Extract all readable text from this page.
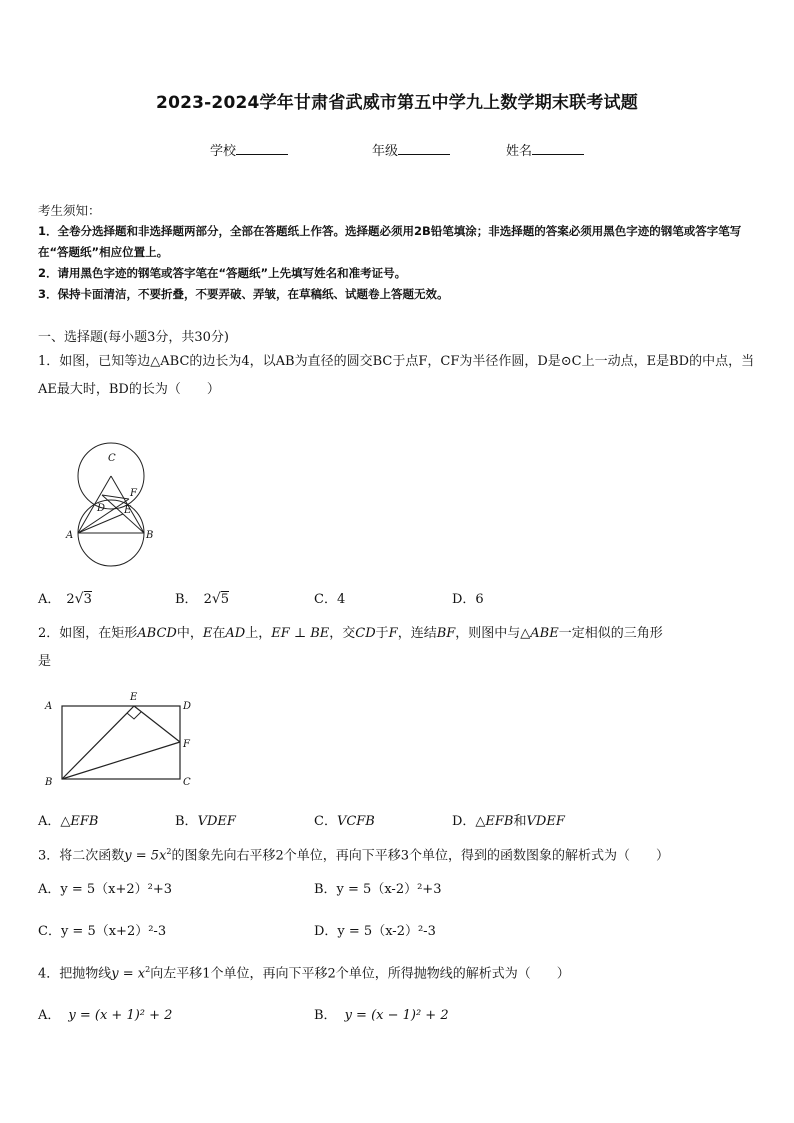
2023-2024学年甘肃省武威市第五中学九上数学期末联考试题
学校	年级	姓名
考生须知：
1．全卷分选择题和非选择题两部分，全部在答题纸上作答。选择题必须用2B铅笔填涂；非选择题的答案必须用黑色字迹的钢笔或答字笔写在“答题纸”相应位置上。
2．请用黑色字迹的钢笔或答字笔在“答题纸”上先填写姓名和准考证号。
3．保持卡面清洁，不要折叠，不要弄破、弄皱，在草稿纸、试题卷上答题无效。
一、选择题(每小题3分，共30分)
1．如图，已知等边△ABC的边长为4，以AB为直径的圆交BC于点F，CF为半径作圆，D是⊙C上一动点，E是BD的中点，当AE最大时，BD的长为（　　）
C
F
D E
A	B
A． 2√3	B． 2√5	C．4	D．6
2．如图，在矩形ABCD中，E在AD上，EF ⊥ BE，交CD于F，连结BF，则图中与△ABE一定相似的三角形
是
A
E
D
F
B	C
A．△EFB	B．VDEF	C．VCFB	D．△EFB和VDEF
3．将二次函数$y = 5x^2$的图象先向右平移2个单位，再向下平移3个单位，得到的函数图象的解析式为（　　）
A．y = 5（x+2）²+3	B．y = 5（x-2）²+3
C．y = 5（x+2）²-3	D．y = 5（x-2）²-3
4．把抛物线$y = x^2$向左平移1个单位，再向下平移2个单位，所得抛物线的解析式为（　　）
A． y = (x + 1)² + 2	B． y = (x − 1)² + 2
